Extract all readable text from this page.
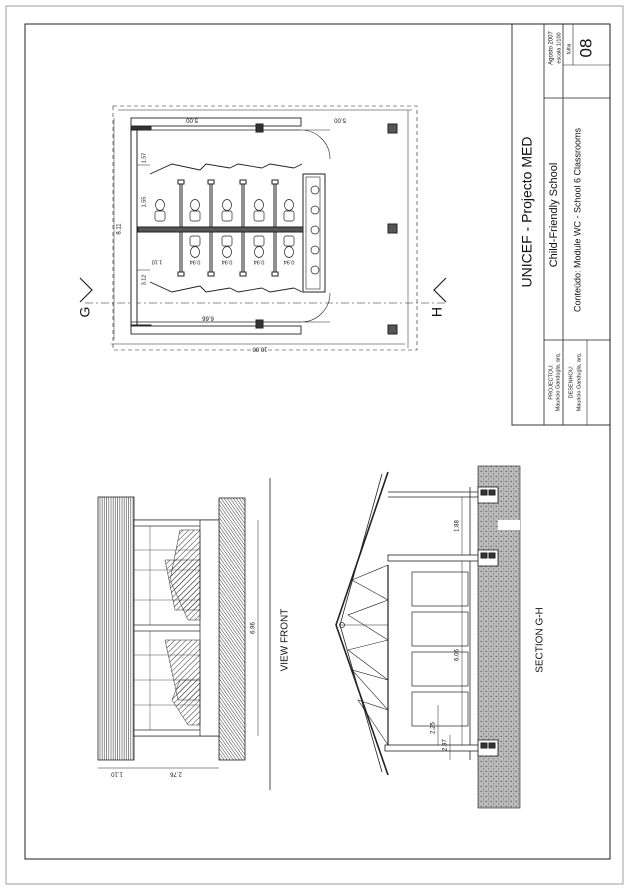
UNICEF - Projecto MED Child-Friendly School Conteúdo: Module WC - School 6 Classrooms
Agosto 2007 escala 1/100 folha 08
PROJECTOU: Mauricio Gandugla, arq. DESENHOU: Mauricio Gandugla, arq.
G	H
5.00	5.00
10.00
6.66
8.11
1.57
1.55
3.12
1.10	0.94	0.94	0.94	0.94
VIEW FRONT
6.96
2.76
1.10
SECTION G-H
1.88
6.06
2.25
2.97
